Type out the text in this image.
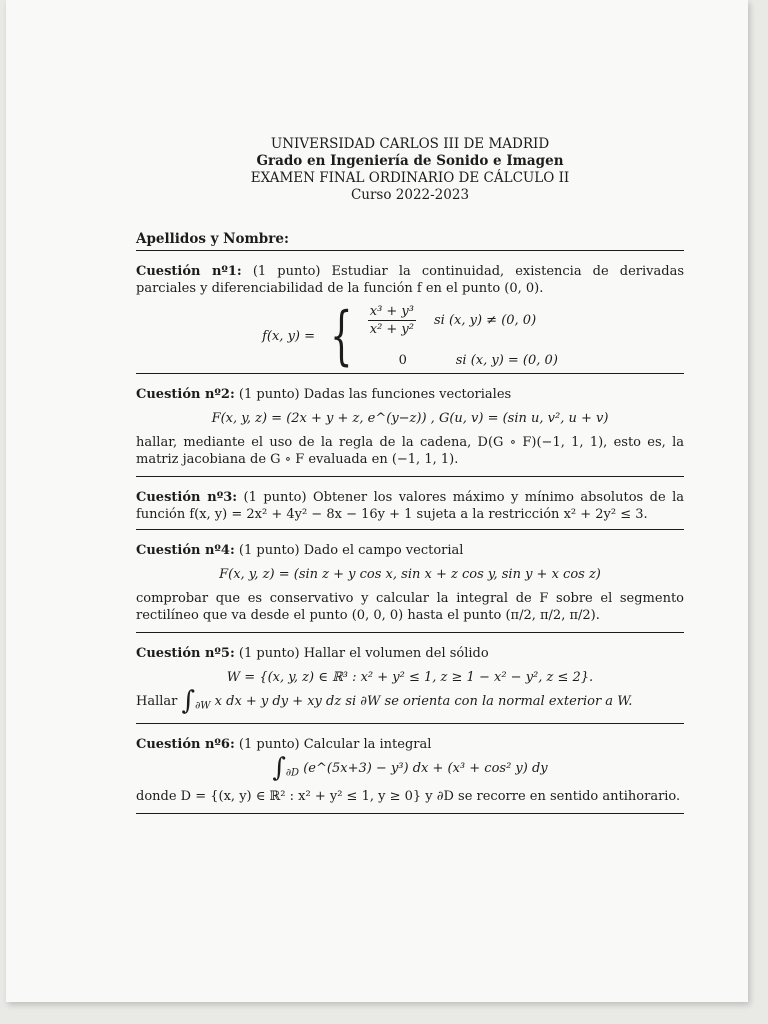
UNIVERSIDAD CARLOS III DE MADRID
Grado en Ingeniería de Sonido e Imagen
EXAMEN FINAL ORDINARIO DE CÁLCULO II
Curso 2022-2023
Apellidos y Nombre:

Cuestión nº1: (1 punto) Estudiar la continuidad, existencia de derivadas parciales y diferenciabilidad de la función f en el punto (0, 0).

f(x, y) = { $\frac{\text{x³ + y³}}{\text{x² + y²}}$ si (x, y) ≠ (0, 0)
0	si (x, y) = (0, 0)

Cuestión nº2: (1 punto) Dadas las funciones vectoriales

F(x, y, z) = (2x + y + z, e^(y−z)) , G(u, v) = (sin u, v², u + v)

hallar, mediante el uso de la regla de la cadena, D(G ∘ F)(−1, 1, 1), esto es, la matriz jacobiana de G ∘ F evaluada en (−1, 1, 1).

Cuestión nº3: (1 punto) Obtener los valores máximo y mínimo absolutos de la función f(x, y) = 2x² + 4y² − 8x − 16y + 1 sujeta a la restricción x² + 2y² ≤ 3.

Cuestión nº4: (1 punto) Dado el campo vectorial

F(x, y, z) = (sin z + y cos x, sin x + z cos y, sin y + x cos z)

comprobar que es conservativo y calcular la integral de F sobre el segmento rectilíneo que va desde el punto (0, 0, 0) hasta el punto (π/2, π/2, π/2).

Cuestión nº5: (1 punto) Hallar el volumen del sólido

W = {(x, y, z) ∈ ℝ³ : x² + y² ≤ 1, z ≥ 1 − x² − y², z ≤ 2}.

Hallar $\int_{\partial W}$ x dx + y dy + xy dz si ∂W se orienta con la normal exterior a W.

Cuestión nº6: (1 punto) Calcular la integral

$\int_{\partial D}$ (e^(5x+3) − y³) dx + (x³ + cos² y) dy

donde D = {(x, y) ∈ ℝ² : x² + y² ≤ 1, y ≥ 0} y ∂D se recorre en sentido antihorario.
